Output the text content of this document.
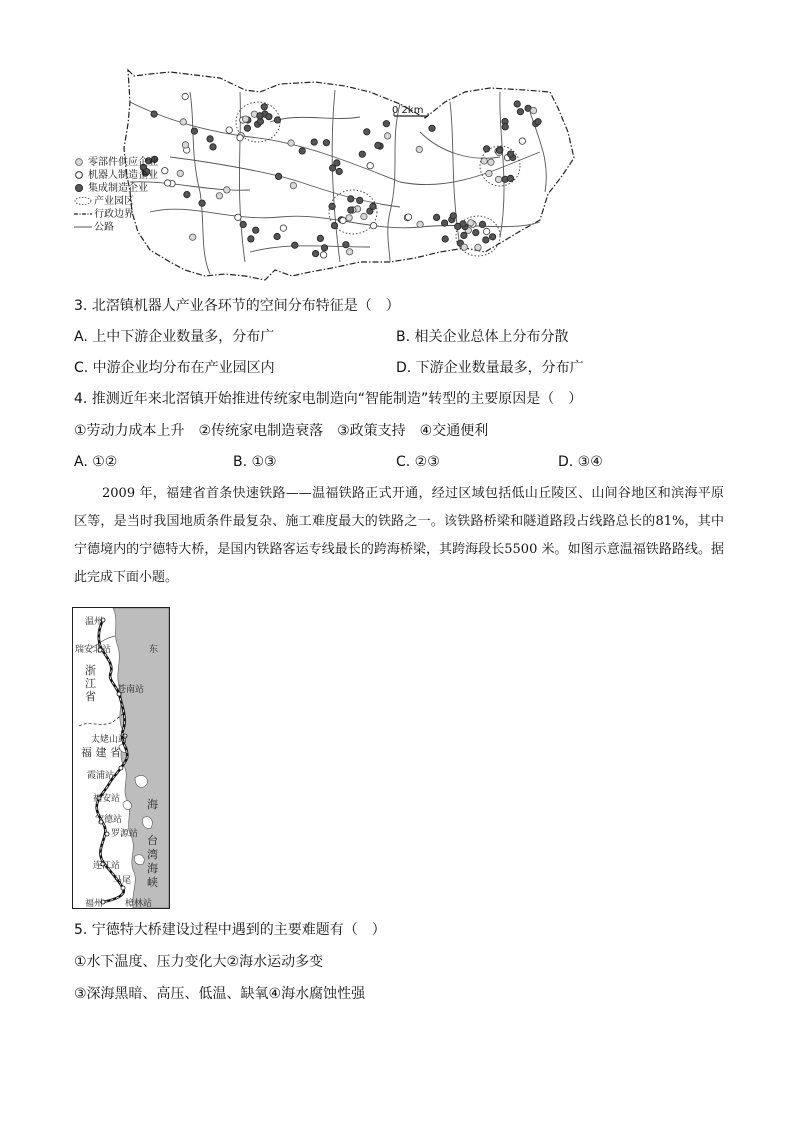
0 2km
零部件供应企业
机器人制造企业
集成制造企业
产业园区
行政边界
公路
3. 北滘镇机器人产业各环节的空间分布特征是（　）
A. 上中下游企业数量多，分布广	B. 相关企业总体上分布分散
C. 中游企业均分布在产业园区内	D. 下游企业数量最多，分布广
4. 推测近年来北滘镇开始推进传统家电制造向“智能制造”转型的主要原因是（　）
①劳动力成本上升　②传统家电制造衰落　③政策支持　④交通便利
A. ①②	B. ①③	C. ②③	D. ③④
2009 年，福建省首条快速铁路——温福铁路正式开通，经过区域包括低山丘陵区、山间谷地区和滨海平原区等，是当时我国地质条件最复杂、施工难度最大的铁路之一。该铁路桥梁和隧道路段占线路总长的81%，其中宁德境内的宁德特大桥，是国内铁路客运专线最长的跨海桥梁，其跨海段长5500 米。如图示意温福铁路路线。据此完成下面小题。
温州
瑞安北站	东
浙
江
省 苍南站
太姥山站
福 建 省
霞浦站
福安站 海
宁德站
罗源站 台
湾
海
峡
连江站
马尾
福州 樟林站
5. 宁德特大桥建设过程中遇到的主要难题有（　）
①水下温度、压力变化大②海水运动多变
③深海黑暗、高压、低温、缺氧④海水腐蚀性强
